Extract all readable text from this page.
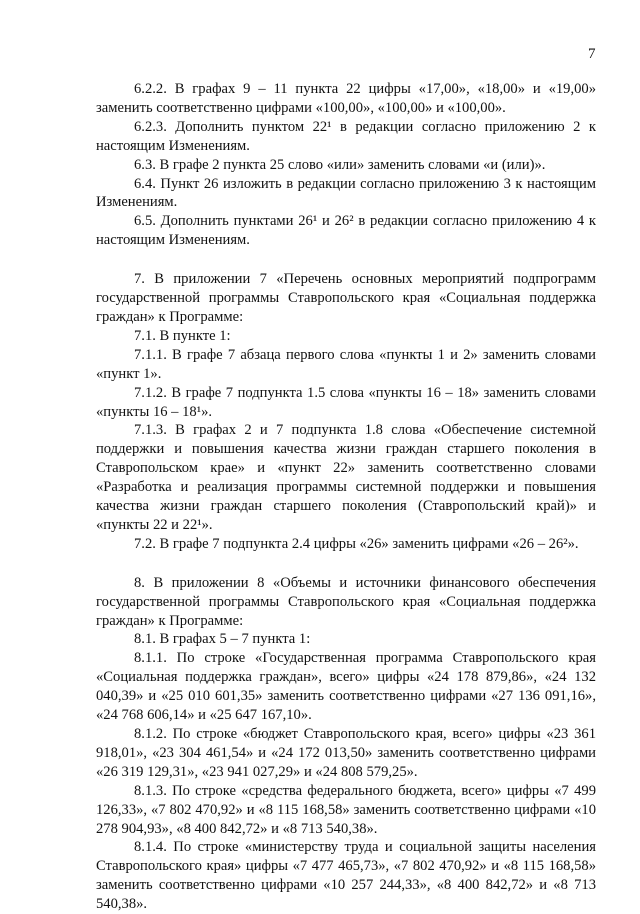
7

6.2.2. В графах 9 – 11 пункта 22 цифры «17,00», «18,00» и «19,00» заменить соответственно цифрами «100,00», «100,00» и «100,00».

6.2.3. Дополнить пунктом 22¹ в редакции согласно приложению 2 к настоящим Изменениям.

6.3. В графе 2 пункта 25 слово «или» заменить словами «и (или)».

6.4. Пункт 26 изложить в редакции согласно приложению 3 к настоящим Изменениям.

6.5. Дополнить пунктами 26¹ и 26² в редакции согласно приложению 4 к настоящим Изменениям.

7. В приложении 7 «Перечень основных мероприятий подпрограмм государственной программы Ставропольского края «Социальная поддержка граждан» к Программе:

7.1. В пункте 1:

7.1.1. В графе 7 абзаца первого слова «пункты 1 и 2» заменить словами «пункт 1».

7.1.2. В графе 7 подпункта 1.5 слова «пункты 16 – 18» заменить словами «пункты 16 – 18¹».

7.1.3. В графах 2 и 7 подпункта 1.8 слова «Обеспечение системной поддержки и повышения качества жизни граждан старшего поколения в Ставропольском крае» и «пункт 22» заменить соответственно словами «Разработка и реализация программы системной поддержки и повышения качества жизни граждан старшего поколения (Ставропольский край)» и «пункты 22 и 22¹».

7.2. В графе 7 подпункта 2.4 цифры «26» заменить цифрами «26 – 26²».

8. В приложении 8 «Объемы и источники финансового обеспечения государственной программы Ставропольского края «Социальная поддержка граждан» к Программе:

8.1. В графах 5 – 7 пункта 1:

8.1.1. По строке «Государственная программа Ставропольского края «Социальная поддержка граждан», всего» цифры «24 178 879,86», «24 132 040,39» и «25 010 601,35» заменить соответственно цифрами «27 136 091,16», «24 768 606,14» и «25 647 167,10».

8.1.2. По строке «бюджет Ставропольского края, всего» цифры «23 361 918,01», «23 304 461,54» и «24 172 013,50» заменить соответственно цифрами «26 319 129,31», «23 941 027,29» и «24 808 579,25».

8.1.3. По строке «средства федерального бюджета, всего» цифры «7 499 126,33», «7 802 470,92» и «8 115 168,58» заменить соответственно цифрами «10 278 904,93», «8 400 842,72» и «8 713 540,38».

8.1.4. По строке «министерству труда и социальной защиты населения Ставропольского края» цифры «7 477 465,73», «7 802 470,92» и «8 115 168,58» заменить соответственно цифрами «10 257 244,33», «8 400 842,72» и «8 713 540,38».
